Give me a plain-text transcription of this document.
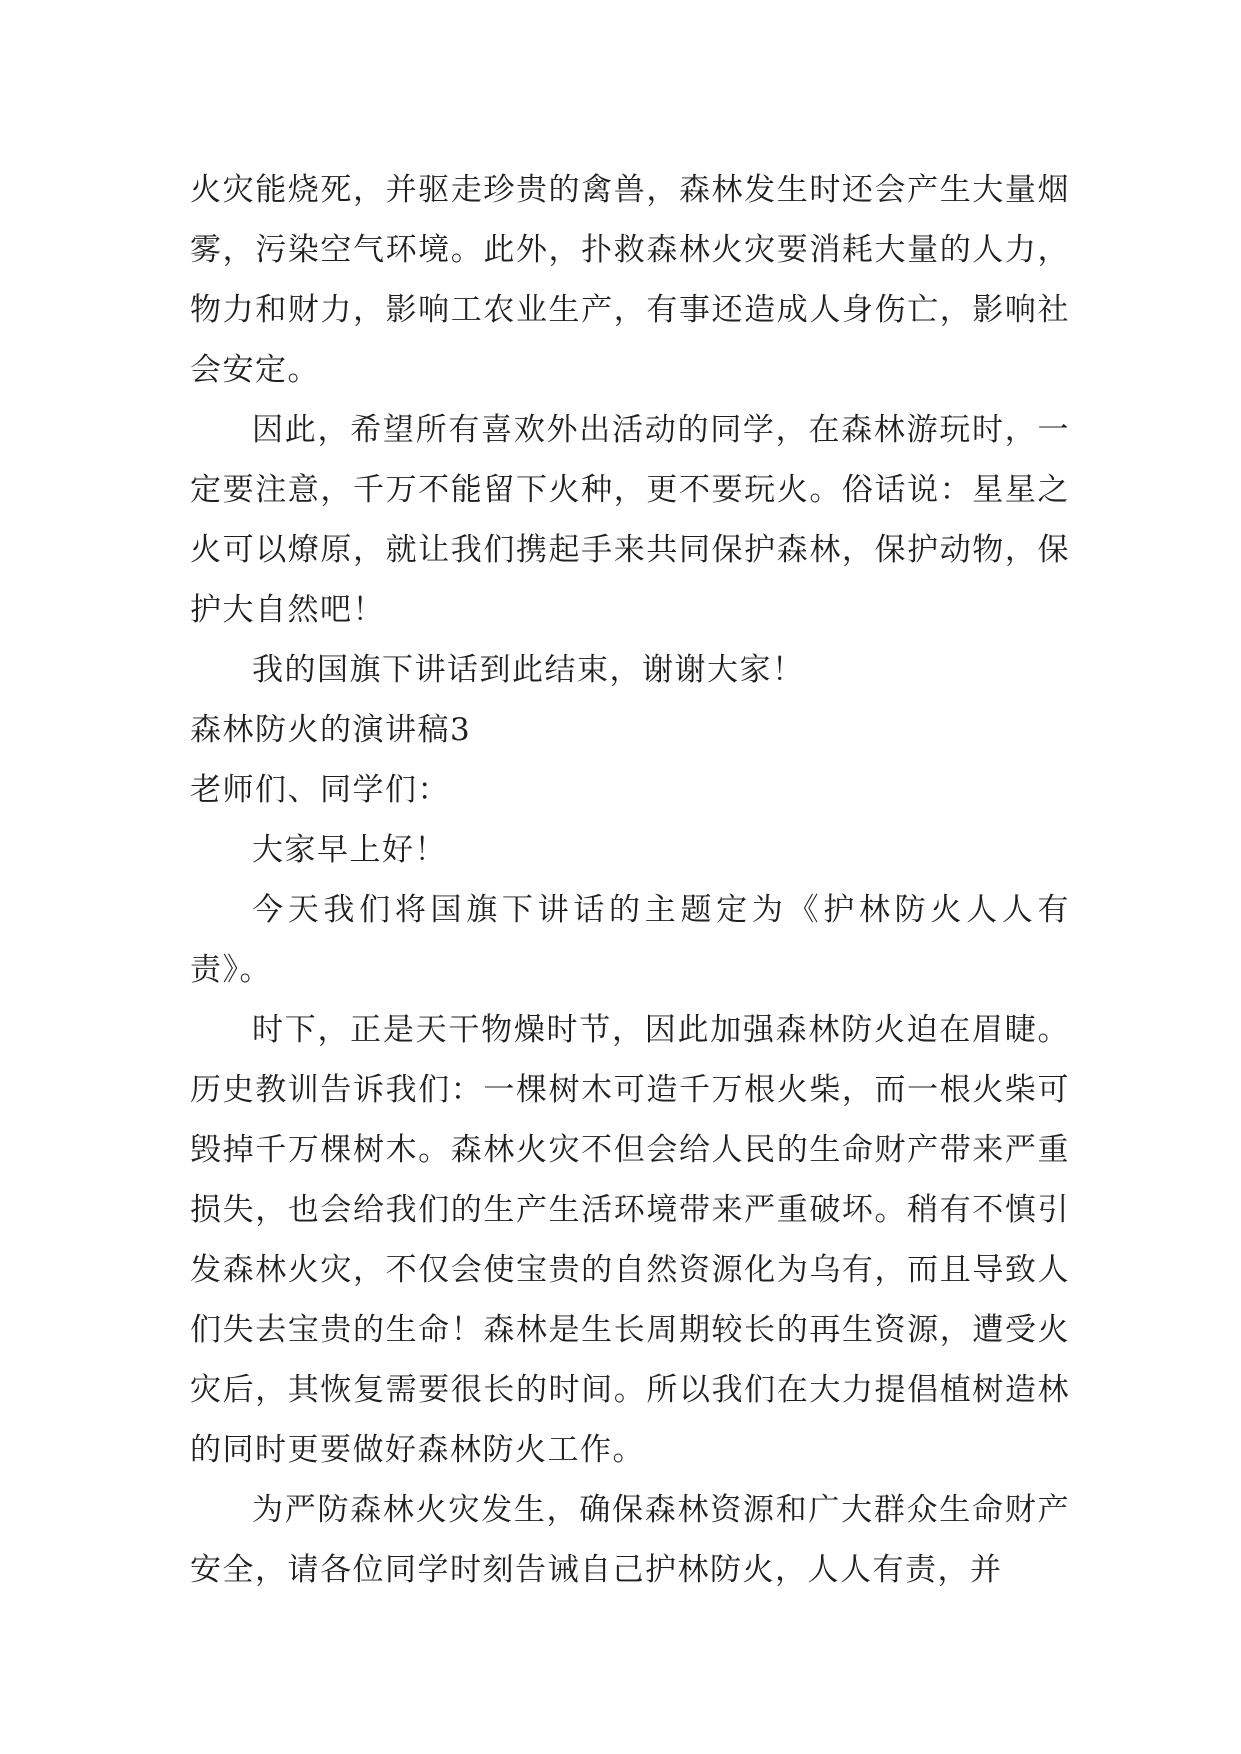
火灾能烧死，并驱走珍贵的禽兽，森林发生时还会产生大量烟雾，污染空气环境。此外，扑救森林火灾要消耗大量的人力，物力和财力，影响工农业生产，有事还造成人身伤亡，影响社会安定。

因此，希望所有喜欢外出活动的同学，在森林游玩时，一定要注意，千万不能留下火种，更不要玩火。俗话说：星星之火可以燎原，就让我们携起手来共同保护森林，保护动物，保护大自然吧！

我的国旗下讲话到此结束，谢谢大家！

森林防火的演讲稿3

老师们、同学们：

大家早上好！

今天我们将国旗下讲话的主题定为《护林防火人人有责》。

时下，正是天干物燥时节，因此加强森林防火迫在眉睫。历史教训告诉我们：一棵树木可造千万根火柴，而一根火柴可毁掉千万棵树木。森林火灾不但会给人民的生命财产带来严重损失，也会给我们的生产生活环境带来严重破坏。稍有不慎引发森林火灾，不仅会使宝贵的自然资源化为乌有，而且导致人们失去宝贵的生命！森林是生长周期较长的再生资源，遭受火灾后，其恢复需要很长的时间。所以我们在大力提倡植树造林的同时更要做好森林防火工作。

为严防森林火灾发生，确保森林资源和广大群众生命财产安全，请各位同学时刻告诫自己护林防火，人人有责，并
